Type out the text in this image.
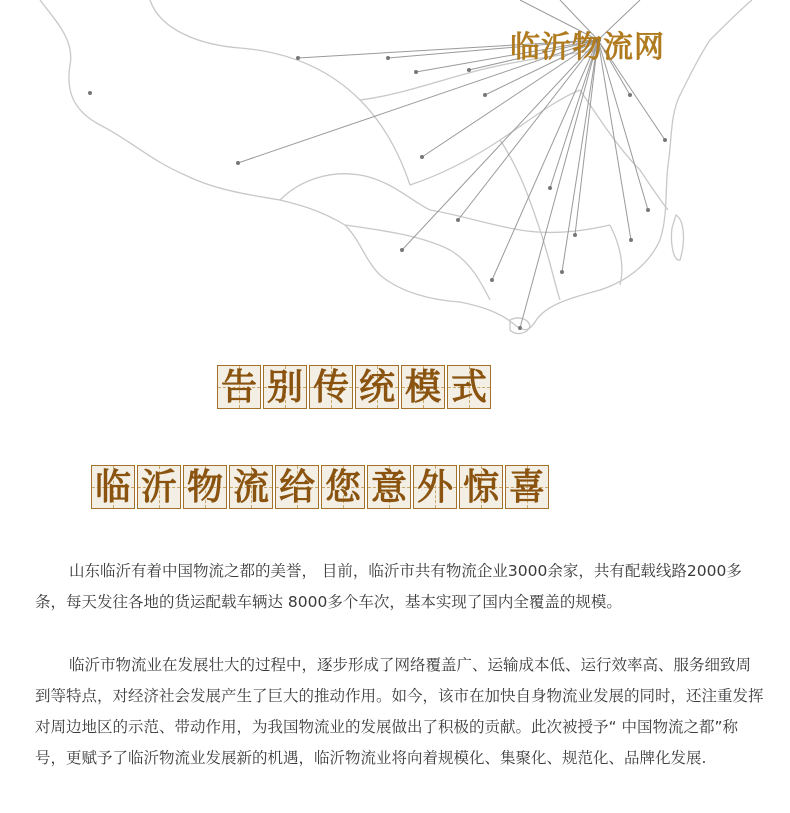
临沂物流网
告 别 传 统 模 式
临 沂 物 流 给 您 意 外 惊 喜

山东临沂有着中国物流之都的美誉， 目前，临沂市共有物流企业3000余家，共有配载线路2000多条，每天发往各地的货运配载车辆达 8000多个车次，基本实现了国内全覆盖的规模。

临沂市物流业在发展壮大的过程中，逐步形成了网络覆盖广、运输成本低、运行效率高、服务细致周到等特点，对经济社会发展产生了巨大的推动作用。如今，该市在加快自身物流业发展的同时，还注重发挥对周边地区的示范、带动作用，为我国物流业的发展做出了积极的贡献。此次被授予“ 中国物流之都”称号，更赋予了临沂物流业发展新的机遇，临沂物流业将向着规模化、集聚化、规范化、品牌化发展.
